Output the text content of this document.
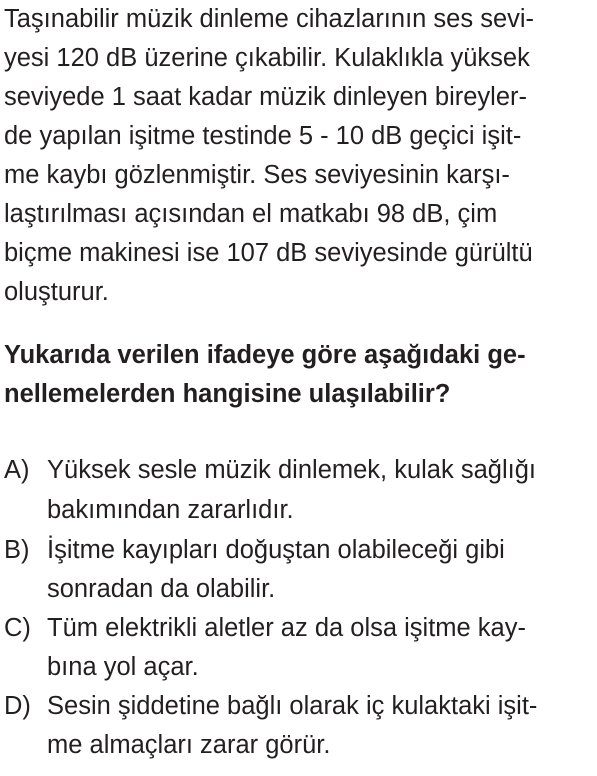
Taşınabilir müzik dinleme cihazlarının ses sevi-
yesi 120 dB üzerine çıkabilir. Kulaklıkla yüksek
seviyede 1 saat kadar müzik dinleyen bireyler-
de yapılan işitme testinde 5 - 10 dB geçici işit-
me kaybı gözlenmiştir. Ses seviyesinin karşı-
laştırılması açısından el matkabı 98 dB, çim
biçme makinesi ise 107 dB seviyesinde gürültü
oluşturur.
Yukarıda verilen ifadeye göre aşağıdaki ge-
nellemelerden hangisine ulaşılabilir?
A) Yüksek sesle müzik dinlemek, kulak sağlığı
bakımından zararlıdır.
B) İşitme kayıpları doğuştan olabileceği gibi
sonradan da olabilir.
C) Tüm elektrikli aletler az da olsa işitme kay-
bına yol açar.
D) Sesin şiddetine bağlı olarak iç kulaktaki işit-
me almaçları zarar görür.
